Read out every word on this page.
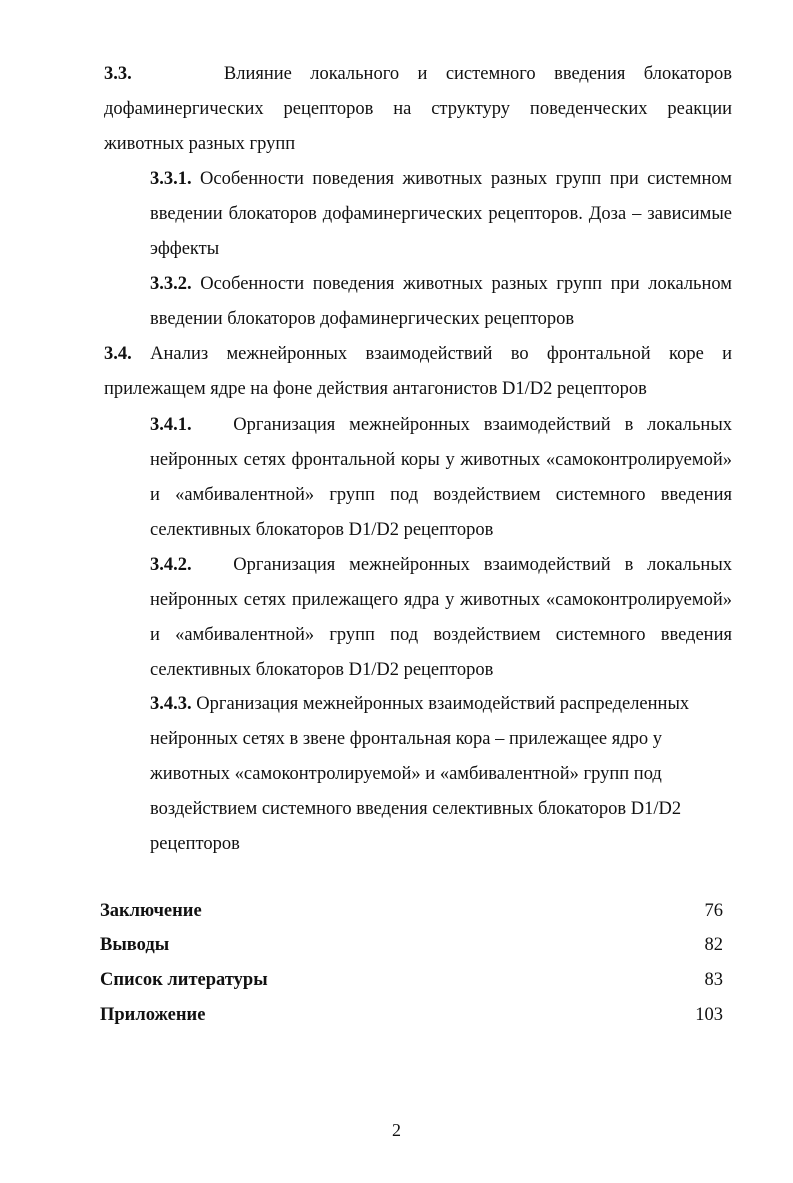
3.3.	Влияние локального и системного введения блокаторов дофаминергических рецепторов на структуру поведенческих реакции животных разных групп
3.3.1. Особенности поведения животных разных групп при системном введении блокаторов дофаминергических рецепторов. Доза – зависимые эффекты
3.3.2. Особенности поведения животных разных групп при локальном введении блокаторов дофаминергических рецепторов
3.4. Анализ межнейронных взаимодействий во фронтальной коре и прилежащем ядре на фоне действия антагонистов D1/D2 рецепторов
3.4.1. Организация межнейронных взаимодействий в локальных нейронных сетях фронтальной коры у животных «самоконтролируемой» и «амбивалентной» групп под воздействием системного введения селективных блокаторов D1/D2 рецепторов
3.4.2. Организация межнейронных взаимодействий в локальных нейронных сетях прилежащего ядра у животных «самоконтролируемой» и «амбивалентной» групп под воздействием системного введения селективных блокаторов D1/D2 рецепторов
3.4.3. Организация межнейронных взаимодействий распределенных нейронных сетях в звене фронтальная кора – прилежащее ядро у животных «самоконтролируемой» и «амбивалентной» групп под воздействием системного введения селективных блокаторов D1/D2 рецепторов
Заключение	76
Выводы	82
Список литературы	83
Приложение	103
2
